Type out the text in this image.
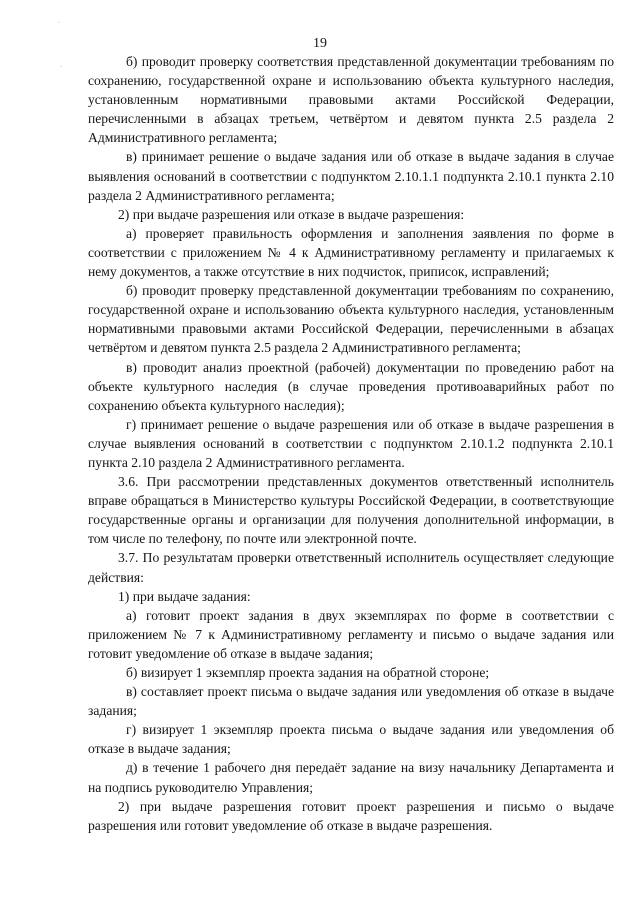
·
·
19

б) проводит проверку соответствия представленной документации требованиям по сохранению, государственной охране и использованию объекта культурного наследия, установленным нормативными правовыми актами Российской Федерации, перечисленными в абзацах третьем, четвёртом и девятом пункта 2.5 раздела 2 Административного регламента;

в) принимает решение о выдаче задания или об отказе в выдаче задания в случае выявления оснований в соответствии с подпунктом 2.10.1.1 подпункта 2.10.1 пункта 2.10 раздела 2 Административного регламента;

2) при выдаче разрешения или отказе в выдаче разрешения:

а) проверяет правильность оформления и заполнения заявления по форме в соответствии с приложением № 4 к Административному регламенту и прилагаемых к нему документов, а также отсутствие в них подчисток, приписок, исправлений;

б) проводит проверку представленной документации требованиям по сохранению, государственной охране и использованию объекта культурного наследия, установленным нормативными правовыми актами Российской Федерации, перечисленными в абзацах четвёртом и девятом пункта 2.5 раздела 2 Административного регламента;

в) проводит анализ проектной (рабочей) документации по проведению работ на объекте культурного наследия (в случае проведения противоаварийных работ по сохранению объекта культурного наследия);

г) принимает решение о выдаче разрешения или об отказе в выдаче разрешения в случае выявления оснований в соответствии с подпунктом 2.10.1.2 подпункта 2.10.1 пункта 2.10 раздела 2 Административного регламента.

3.6. При рассмотрении представленных документов ответственный исполнитель вправе обращаться в Министерство культуры Российской Федерации, в соответствующие государственные органы и организации для получения дополнительной информации, в том числе по телефону, по почте или электронной почте.

3.7. По результатам проверки ответственный исполнитель осуществляет следующие действия:

1) при выдаче задания:

а) готовит проект задания в двух экземплярах по форме в соответствии с приложением № 7 к Административному регламенту и письмо о выдаче задания или готовит уведомление об отказе в выдаче задания;

б) визирует 1 экземпляр проекта задания на обратной стороне;

в) составляет проект письма о выдаче задания или уведомления об отказе в выдаче задания;

г) визирует 1 экземпляр проекта письма о выдаче задания или уведомления об отказе в выдаче задания;

д) в течение 1 рабочего дня передаёт задание на визу начальнику Департамента и на подпись руководителю Управления;

2) при выдаче разрешения готовит проект разрешения и письмо о выдаче разрешения или готовит уведомление об отказе в выдаче разрешения.
